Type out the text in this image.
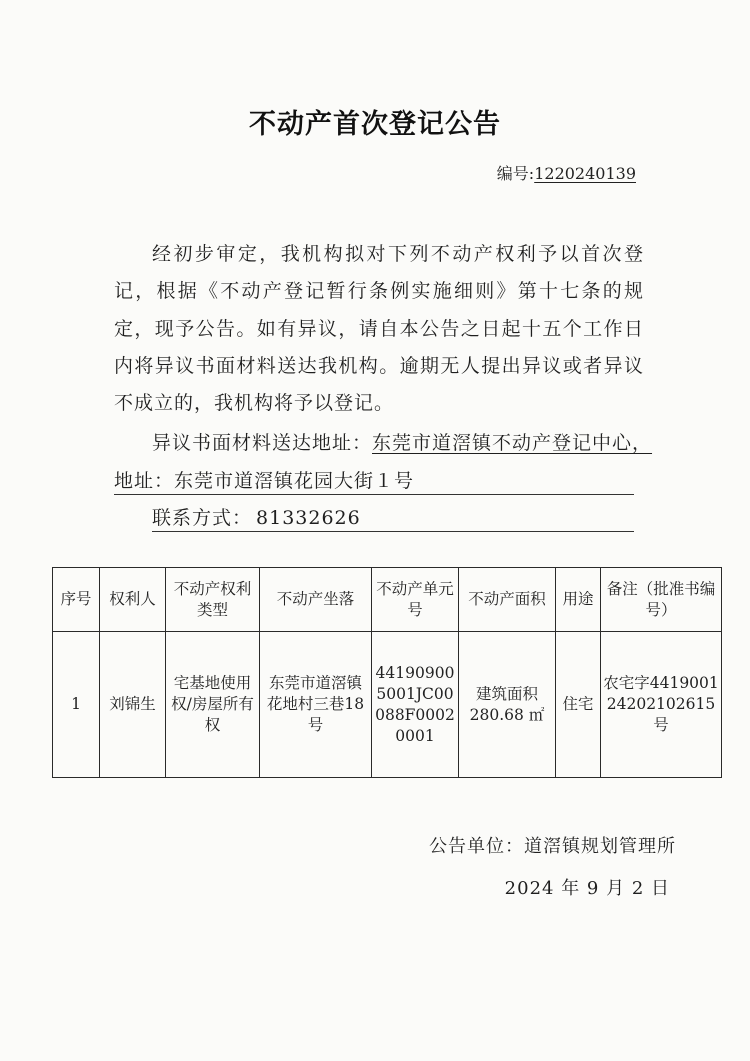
不动产首次登记公告
编号:1220240139

经初步审定，我机构拟对下列不动产权利予以首次登记，根据《不动产登记暂行条例实施细则》第十七条的规定，现予公告。如有异议，请自本公告之日起十五个工作日内将异议书面材料送达我机构。逾期无人提出异议或者异议不成立的，我机构将予以登记。

异议书面材料送达地址：东莞市道滘镇不动产登记中心，
地址：东莞市道滘镇花园大街１号
联系方式： 81332626
序号	权利人	不动产权利类型	不动产坐落	不动产单元号	不动产面积	用途	备注（批准书编号）
1	刘锦生	宅基地使用权/房屋所有权	东莞市道滘镇花地村三巷18号	441909005001JC00088F00020001	建筑面积280.68 ㎡	住宅	农宅字441900124202102615号
公告单位：道滘镇规划管理所
2024 年 9 月 2 日
